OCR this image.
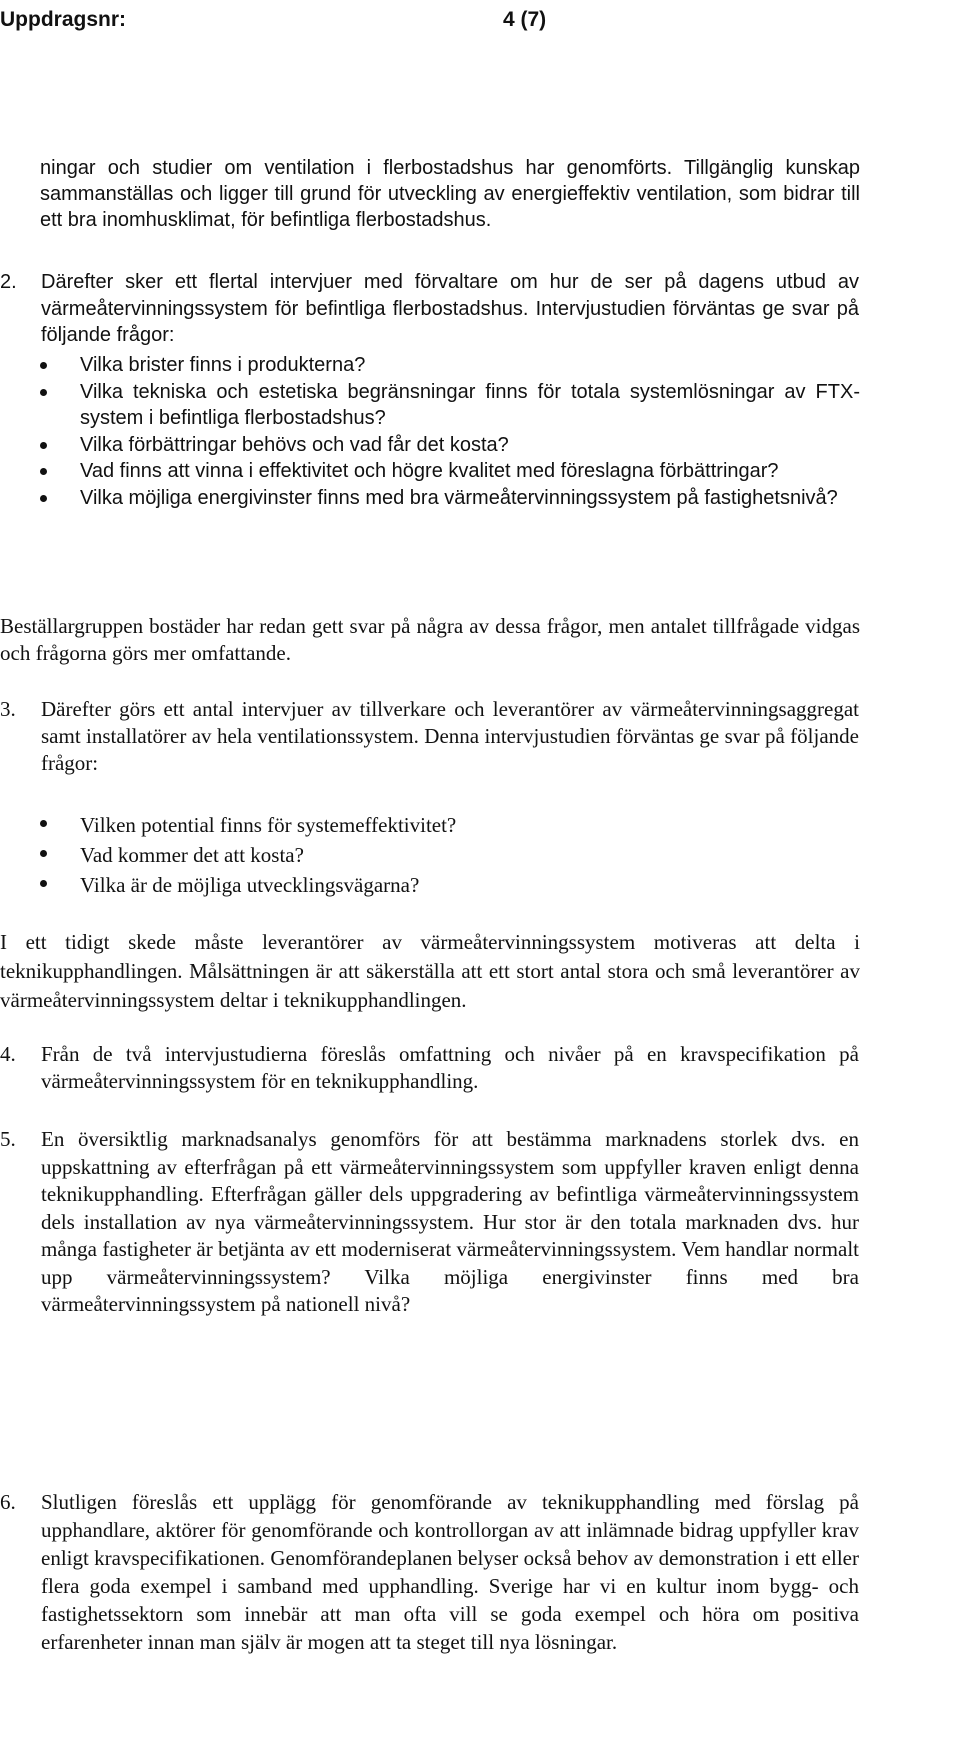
Uppdragsnr:	4 (7)

ningar och studier om ventilation i flerbostadshus har genomförts. Tillgänglig kunskap sammanställas och ligger till grund för utveckling av energieffektiv ventilation, som bidrar till ett bra inomhusklimat, för befintliga flerbostadshus.

2. Därefter sker ett flertal intervjuer med förvaltare om hur de ser på dagens utbud av värmeåtervinningssystem för befintliga flerbostadshus. Intervjustudien förväntas ge svar på följande frågor:

Vilka brister finns i produkterna?
Vilka tekniska och estetiska begränsningar finns för totala systemlösningar av FTX-system i befintliga flerbostadshus?
Vilka förbättringar behövs och vad får det kosta?
Vad finns att vinna i effektivitet och högre kvalitet med föreslagna förbättringar?
Vilka möjliga energivinster finns med bra värmeåtervinningssystem på fastighetsnivå?

Beställargruppen bostäder har redan gett svar på några av dessa frågor, men antalet tillfrågade vidgas och frågorna görs mer omfattande.

3. Därefter görs ett antal intervjuer av tillverkare och leverantörer av värmeåtervinningsaggregat samt installatörer av hela ventilationssystem. Denna intervjustudien förväntas ge svar på följande frågor:

Vilken potential finns för systemeffektivitet?
Vad kommer det att kosta?
Vilka är de möjliga utvecklingsvägarna?

I ett tidigt skede måste leverantörer av värmeåtervinningssystem motiveras att delta i teknikupphandlingen. Målsättningen är att säkerställa att ett stort antal stora och små leverantörer av värmeåtervinningssystem deltar i teknikupphandlingen.

4. Från de två intervjustudierna föreslås omfattning och nivåer på en kravspecifikation på värmeåtervinningssystem för en teknikupphandling.

5. En översiktlig marknadsanalys genomförs för att bestämma marknadens storlek dvs. en uppskattning av efterfrågan på ett värmeåtervinningssystem som uppfyller kraven enligt denna teknikupphandling. Efterfrågan gäller dels uppgradering av befintliga värmeåtervinningssystem dels installation av nya värmeåtervinningssystem. Hur stor är den totala marknaden dvs. hur många fastigheter är betjänta av ett moderniserat värmeåtervinningssystem. Vem handlar normalt upp värmeåtervinningssystem? Vilka möjliga energivinster finns med bra värmeåtervinningssystem på nationell nivå?

6. Slutligen föreslås ett upplägg för genomförande av teknikupphandling med förslag på upphandlare, aktörer för genomförande och kontrollorgan av att inlämnade bidrag uppfyller krav enligt kravspecifikationen. Genomförandeplanen belyser också behov av demonstration i ett eller flera goda exempel i samband med upphandling. Sverige har vi en kultur inom bygg- och fastighetssektorn som innebär att man ofta vill se goda exempel och höra om positiva erfarenheter innan man själv är mogen att ta steget till nya lösningar.
